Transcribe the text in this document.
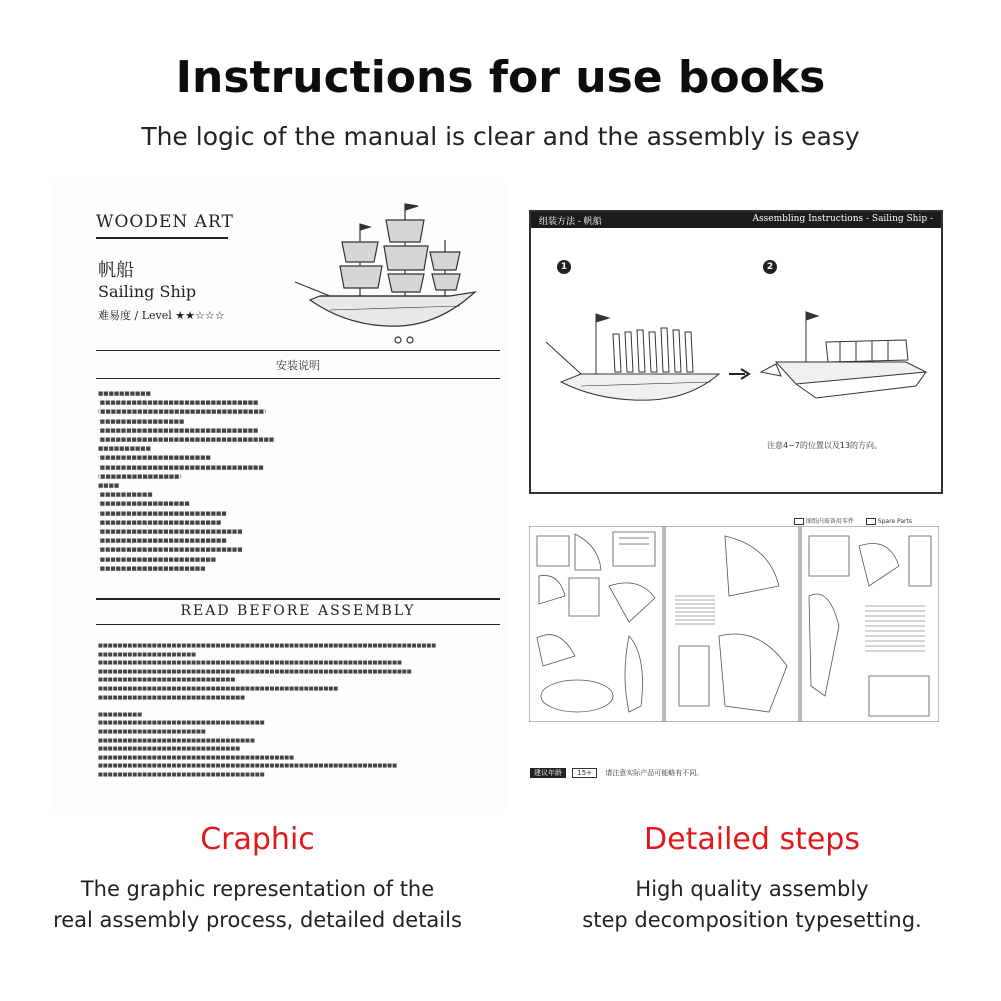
Instructions for use books
The logic of the manual is clear and the assembly is easy
WOODEN ART
帆船
Sailing Ship
难易度 / Level ★★☆☆☆
安装说明
■■■■■■■■■■
·■■■■■■■■■■■■■■■■■■■■■■■■■■■■■■
(■■■■■■■■■■■■■■■■■■■■■■■■■■■■■■■)
·■■■■■■■■■■■■■■■■
·■■■■■■■■■■■■■■■■■■■■■■■■■■■■■■
·■■■■■■■■■■■■■■■■■■■■■■■■■■■■■■■■■
■■■■■■■■■■
·■■■■■■■■■■■■■■■■■■■■■
·■■■■■■■■■■■■■■■■■■■■■■■■■■■■■■■
(■■■■■■■■■■■■■■■)
■■■■
·■■■■■■■■■■
·■■■■■■■■■■■■■■■■■
·■■■■■■■■■■■■■■■■■■■■■■■■
·■■■■■■■■■■■■■■■■■■■■■■■
·■■■■■■■■■■■■■■■■■■■■■■■■■■■
·■■■■■■■■■■■■■■■■■■■■■■■■
·■■■■■■■■■■■■■■■■■■■■■■■■■■■
·■■■■■■■■■■■■■■■■■■■■■■
·■■■■■■■■■■■■■■■■■■■■
READ BEFORE ASSEMBLY
■■■■■■■■■■■■■■■■■■■■■■■■■■■■■■■■■■■■■■■■■■■■■■■■■■■■■■■■■■■■■■■■■■■■■
■■■■■■■■■■■■■■■■■■■■
■■■■■■■■■■■■■■■■■■■■■■■■■■■■■■■■■■■■■■■■■■■■■■■■■■■■■■■■■■■■■■
■■■■■■■■■■■■■■■■■■■■■■■■■■■■■■■■■■■■■■■■■■■■■■■■■■■■■■■■■■■■■■■■
■■■■■■■■■■■■■■■■■■■■■■■■■■■■
■■■■■■■■■■■■■■■■■■■■■■■■■■■■■■■■■■■■■■■■■■■■■■■■■
■■■■■■■■■■■■■■■■■■■■■■■■■■■■■■

■■■■■■■■■
■■■■■■■■■■■■■■■■■■■■■■■■■■■■■■■■■■
■■■■■■■■■■■■■■■■■■■■■■
■■■■■■■■■■■■■■■■■■■■■■■■■■■■■■■■
■■■■■■■■■■■■■■■■■■■■■■■■■■■■■
■■■■■■■■■■■■■■■■■■■■■■■■■■■■■■■■■■■■■■■■
■■■■■■■■■■■■■■■■■■■■■■■■■■■■■■■■■■■■■■■■■■■■■■■■■■■■■■■■■■■■■
■■■■■■■■■■■■■■■■■■■■■■■■■■■■■■■■■■
组装方法 - 帆船	Assembling Instructions - Sailing Ship -
1	2
注意4~7的位置以及13的方向。
图纸内需备用零件	Spare Parts
建议年龄 15+ 请注意实际产品可能略有不同。
Craphic
The graphic representation of the
real assembly process, detailed details
Detailed steps
High quality assembly
step decomposition typesetting.
